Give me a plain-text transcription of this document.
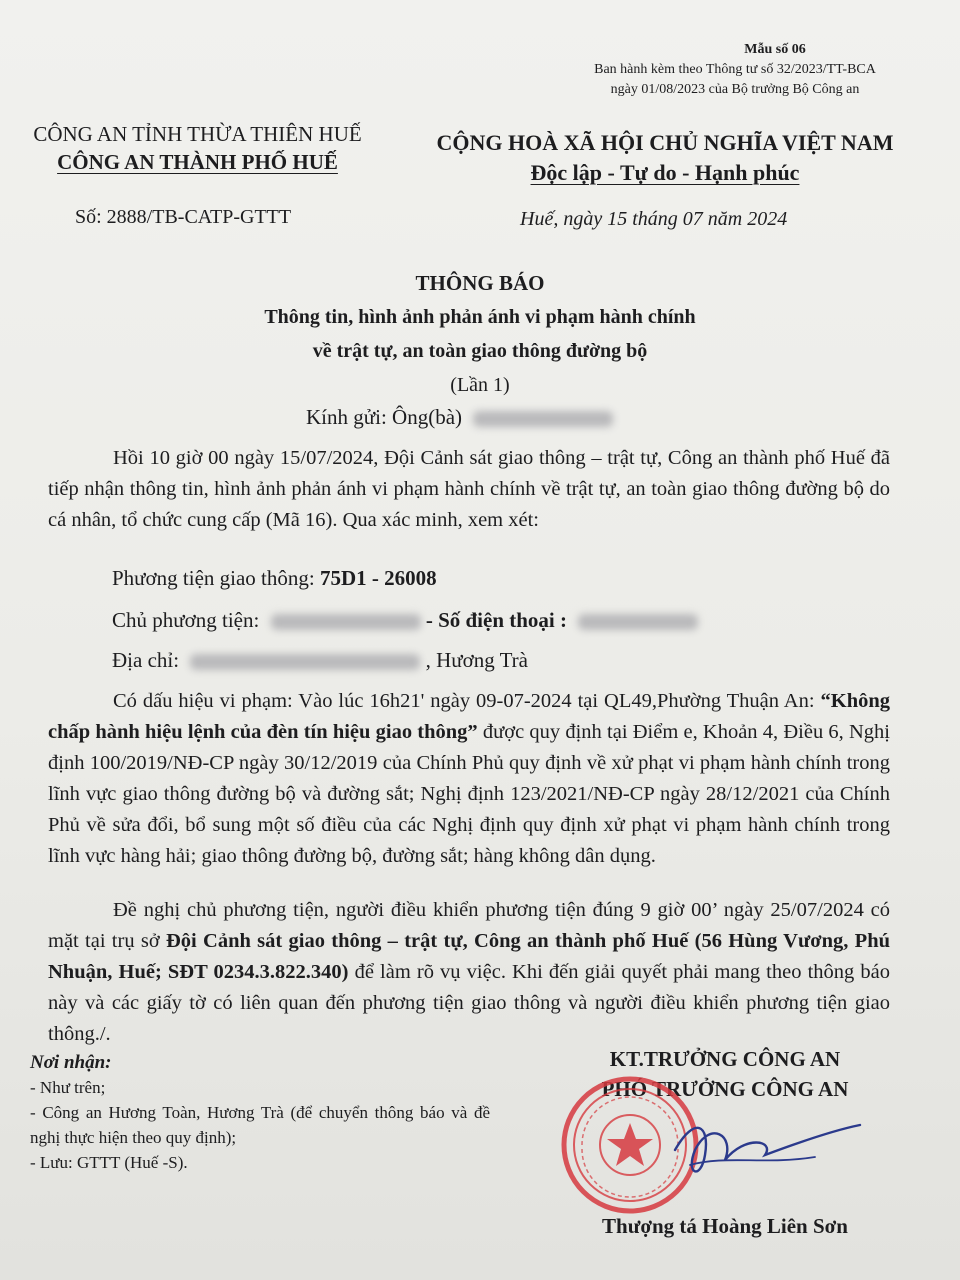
Mẫu số 06
Ban hành kèm theo Thông tư số 32/2023/TT-BCA
ngày 01/08/2023 của Bộ trưởng Bộ Công an
CÔNG AN TỈNH THỪA THIÊN HUẾ
CÔNG AN THÀNH PHỐ HUẾ
CỘNG HOÀ XÃ HỘI CHỦ NGHĨA VIỆT NAM
Độc lập - Tự do - Hạnh phúc
Số: 2888/TB-CATP-GTTT	Huế, ngày 15 tháng 07 năm 2024
THÔNG BÁO
Thông tin, hình ảnh phản ánh vi phạm hành chính
về trật tự, an toàn giao thông đường bộ
(Lần 1)
Kính gửi: Ông(bà)
Hồi 10 giờ 00 ngày 15/07/2024, Đội Cảnh sát giao thông – trật tự, Công an thành phố Huế đã tiếp nhận thông tin, hình ảnh phản ánh vi phạm hành chính về trật tự, an toàn giao thông đường bộ do cá nhân, tổ chức cung cấp (Mã 16). Qua xác minh, xem xét:
Phương tiện giao thông: 75D1 - 26008
Chủ phương tiện:	- Số điện thoại :
Địa chỉ:	, Hương Trà
Có dấu hiệu vi phạm: Vào lúc 16h21' ngày 09-07-2024 tại QL49,Phường Thuận An: “Không chấp hành hiệu lệnh của đèn tín hiệu giao thông” được quy định tại Điểm e, Khoản 4, Điều 6, Nghị định 100/2019/NĐ-CP ngày 30/12/2019 của Chính Phủ quy định về xử phạt vi phạm hành chính trong lĩnh vực giao thông đường bộ và đường sắt; Nghị định 123/2021/NĐ-CP ngày 28/12/2021 của Chính Phủ về sửa đổi, bổ sung một số điều của các Nghị định quy định xử phạt vi phạm hành chính trong lĩnh vực hàng hải; giao thông đường bộ, đường sắt; hàng không dân dụng.
Đề nghị chủ phương tiện, người điều khiển phương tiện đúng 9 giờ 00’ ngày 25/07/2024 có mặt tại trụ sở Đội Cảnh sát giao thông – trật tự, Công an thành phố Huế (56 Hùng Vương, Phú Nhuận, Huế; SĐT 0234.3.822.340) để làm rõ vụ việc. Khi đến giải quyết phải mang theo thông báo này và các giấy tờ có liên quan đến phương tiện giao thông và người điều khiển phương tiện giao thông./.
Nơi nhận:
- Như trên;
- Công an Hương Toàn, Hương Trà (để chuyển thông báo và đề nghị thực hiện theo quy định);
- Lưu: GTTT (Huế -S).
KT.TRƯỞNG CÔNG AN
PHÓ TRƯỞNG CÔNG AN
Thượng tá Hoàng Liên Sơn
